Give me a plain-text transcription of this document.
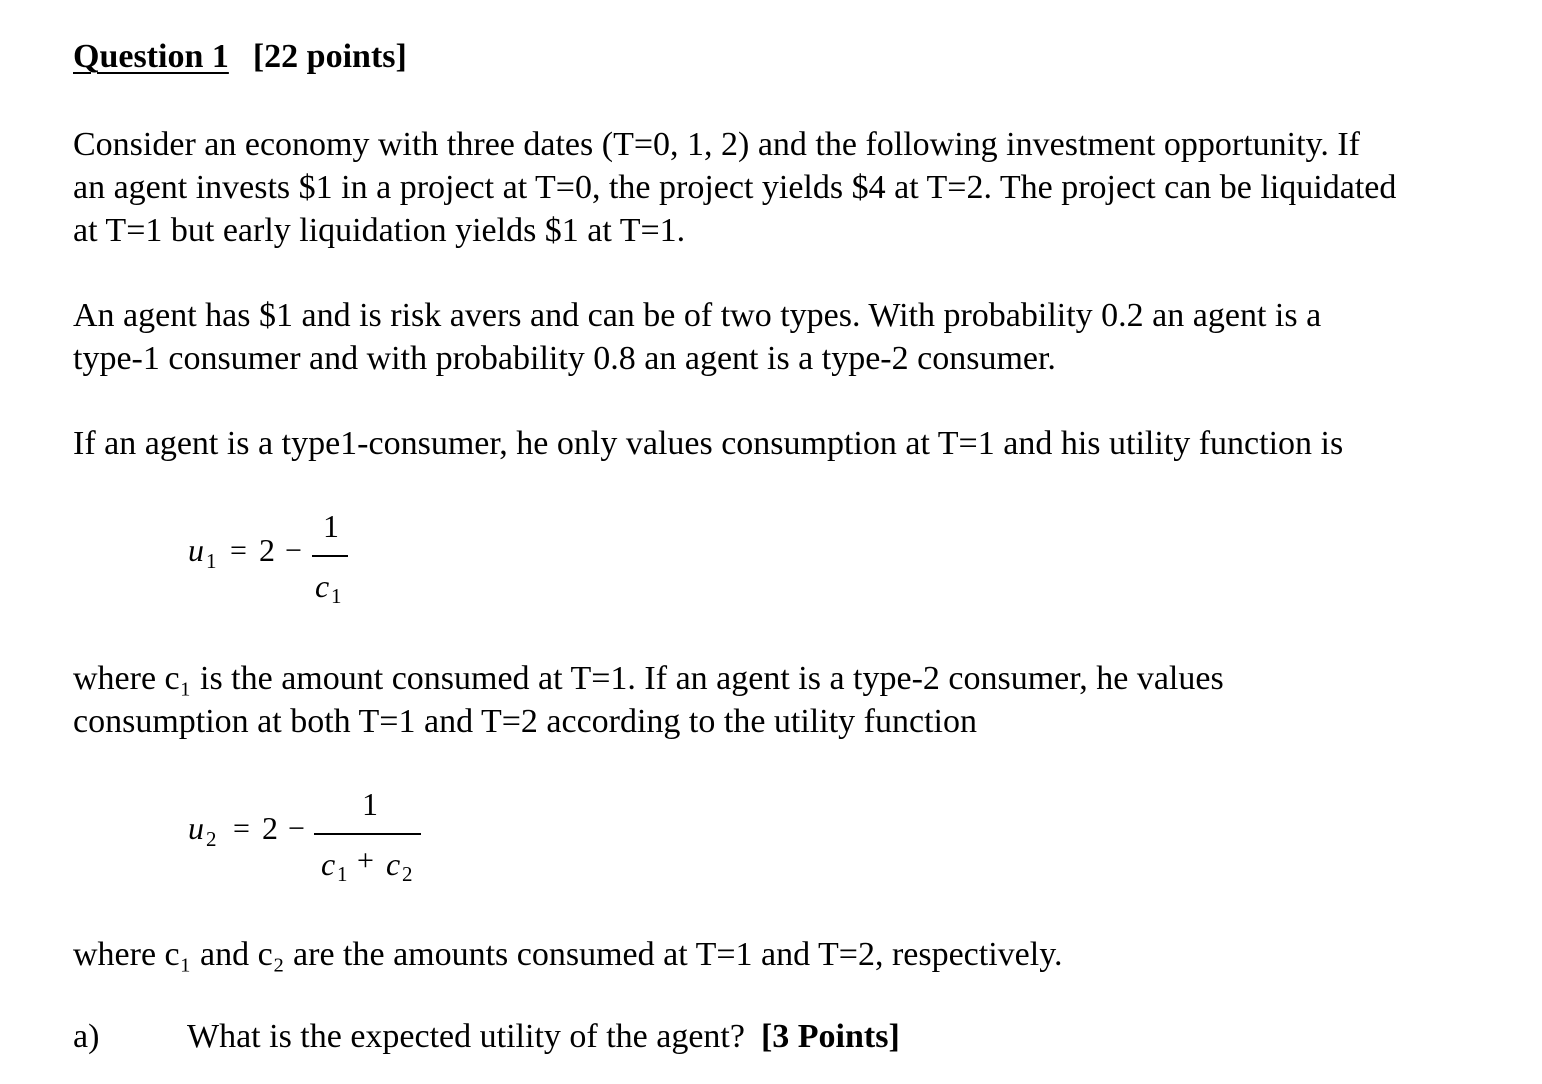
Question 1 [22 points]
Consider an economy with three dates (T=0, 1, 2) and the following investment opportunity. If
an agent invests $1 in a project at T=0, the project yields $4 at T=2. The project can be liquidated
at T=1 but early liquidation yields $1 at T=1.
An agent has $1 and is risk avers and can be of two types. With probability 0.2 an agent is a
type-1 consumer and with probability 0.8 an agent is a type-2 consumer.
If an agent is a type1-consumer, he only values consumption at T=1 and his utility function is
u 1 = 2 −
1
c 1
where c₁ is the amount consumed at T=1. If an agent is a type-2 consumer, he values
consumption at both T=1 and T=2 according to the utility function
u 2 = 2 −
1
c 1 + c 2
where c₁ and c₂ are the amounts consumed at T=1 and T=2, respectively.
a)	What is the expected utility of the agent? [3 Points]
